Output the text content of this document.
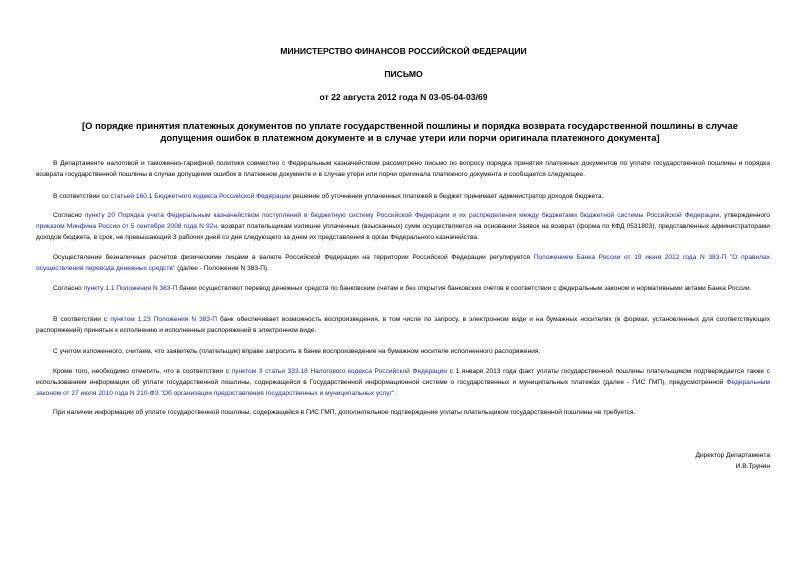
МИНИСТЕРСТВО ФИНАНСОВ РОССИЙСКОЙ ФЕДЕРАЦИИ
ПИСЬМО
от 22 августа 2012 года N 03-05-04-03/69
[О порядке принятия платежных документов по уплате государственной пошлины и порядка возврата государственной пошлины в случае допущения ошибок в платежном документе и в случае утери или порчи оригинала платежного документа]
В Департаменте налоговой и таможенно-тарифной политики совместно с Федеральным казначейством рассмотрено письмо по вопросу порядка принятия платежных документов по уплате государственной пошлины и порядка возврата государственной пошлины в случае допущения ошибок в платежном документе и в случае утери или порчи оригинала платежного документа и сообщается следующее.
В соответствии со статьей 160.1 Бюджетного кодекса Российской Федерации решение об уточнении уплаченных платежей в бюджет принимает администратор доходов бюджета.
Согласно пункту 20 Порядка учета Федеральным казначейством поступлений в бюджетную систему Российской Федерации и их распределения между бюджетами бюджетной системы Российской Федерации, утвержденного приказом Минфина России от 5 сентября 2008 года N 92н, возврат плательщикам излишне уплаченных (взысканных) сумм осуществляется на основании Заявок на возврат (форма по КФД 0531803), представленных администраторами доходов бюджета, в срок, не превышающий 3 рабочих дней со дня следующего за днем их представления в орган Федерального казначейства.
Осуществление безналичных расчетов физическими лицами в валюте Российской Федерации на территории Российской Федерации регулируется Положением Банка России от 19 июня 2012 года N 383-П "О правилах осуществления перевода денежных средств" (далее - Положение N 383-П).
Согласно пункту 1.1 Положения N 383-П банки осуществляют перевод денежных средств по банковским счетам и без открытия банковских счетов в соответствии с федеральным законом и нормативными актами Банка России.
В соответствии с пунктом 1.23 Положения N 383-П банк обеспечивает возможность воспроизведения, в том числе по запросу, в электронном виде и на бумажных носителях (в формах, установленных для соответствующих распоряжений) принятых к исполнению и исполненных распоряжений в электронном виде.
С учетом изложенного, считаем, что заявитель (плательщик) вправе запросить в банке воспроизведение на бумажном носителе исполненного распоряжения.
Кроме того, необходимо отметить, что в соответствии с пунктом 3 статьи 333.18 Налогового кодекса Российской Федерации с 1 января 2013 года факт уплаты государственной пошлины плательщиком подтверждается также с использованием информации об уплате государственной пошлины, содержащейся в Государственной информационной системе о государственных и муниципальных платежах (далее - ГИС ГМП), предусмотренной Федеральным законом от 27 июля 2010 года N 210-ФЗ "Об организации предоставления государственных и муниципальных услуг".
При наличии информации об уплате государственной пошлины, содержащейся в ГИС ГМП, дополнительное подтверждение уплаты плательщиком государственной пошлины не требуется.
Директор Департамента
И.В.Трунин
